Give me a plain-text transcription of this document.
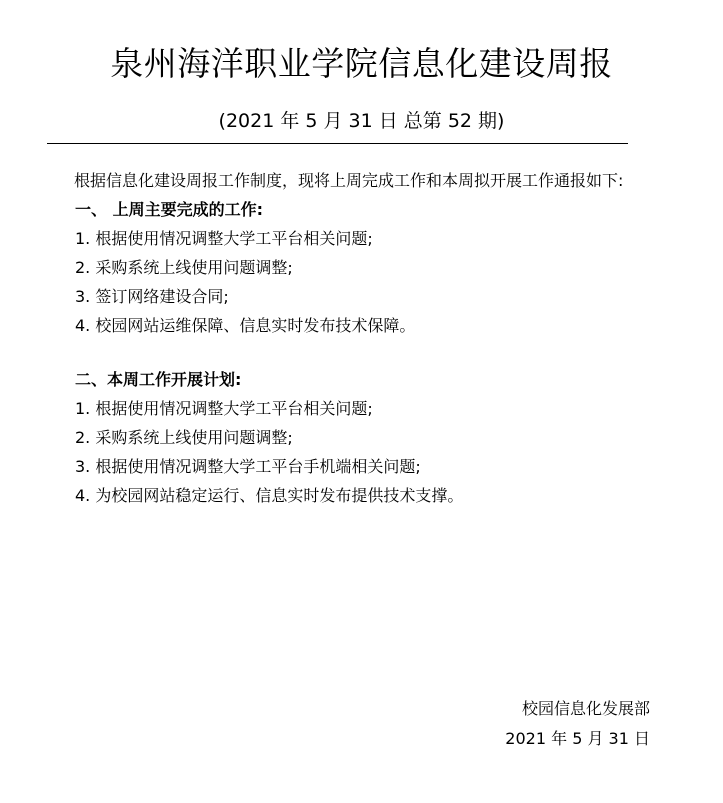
泉州海洋职业学院信息化建设周报

(2021 年 5 月 31 日 总第 52 期)

根据信息化建设周报工作制度，现将上周完成工作和本周拟开展工作通报如下:

一、 上周主要完成的工作:
1. 根据使用情况调整大学工平台相关问题;
2. 采购系统上线使用问题调整;
3. 签订网络建设合同;
4. 校园网站运维保障、信息实时发布技术保障。
二、本周工作开展计划:
1. 根据使用情况调整大学工平台相关问题;
2. 采购系统上线使用问题调整;
3. 根据使用情况调整大学工平台手机端相关问题;
4. 为校园网站稳定运行、信息实时发布提供技术支撑。
校园信息化发展部
2021 年 5 月 31 日
